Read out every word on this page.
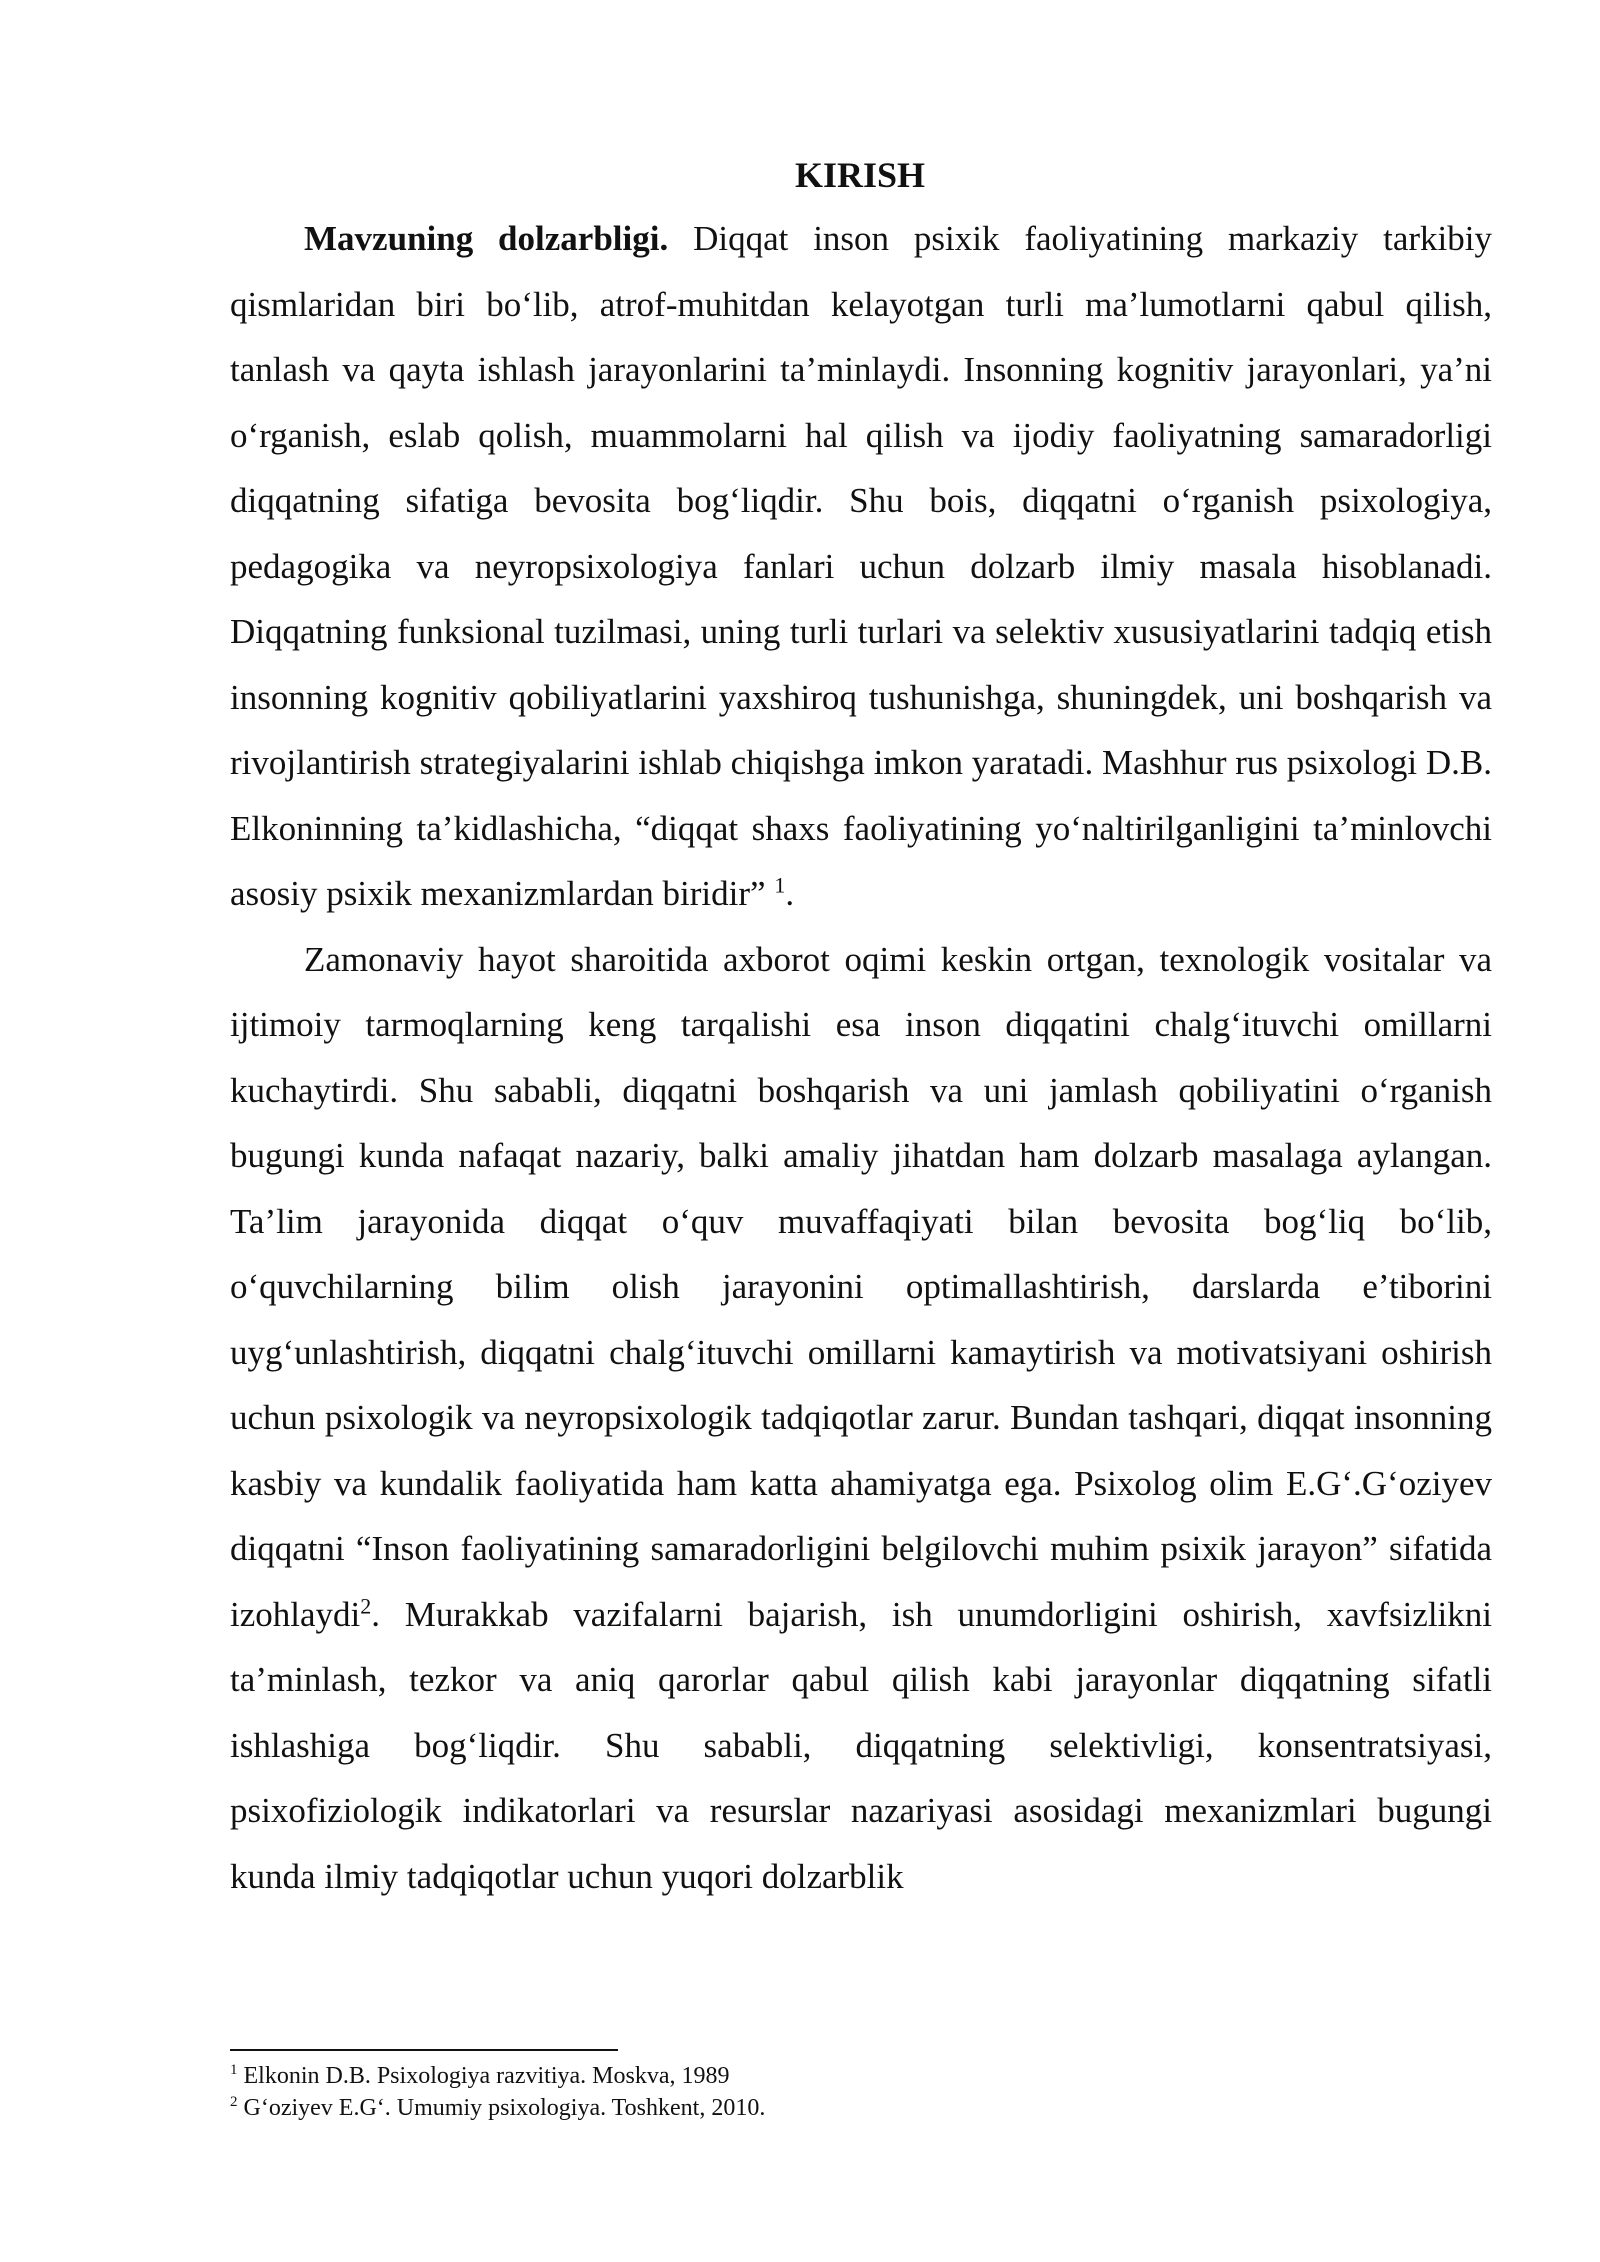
KIRISH

Mavzuning dolzarbligi. Diqqat inson psixik faoliyatining markaziy tarkibiy qismlaridan biri bo‘lib, atrof-muhitdan kelayotgan turli ma’lumotlarni qabul qilish, tanlash va qayta ishlash jarayonlarini ta’minlaydi. Insonning kognitiv jarayonlari, ya’ni o‘rganish, eslab qolish, muammolarni hal qilish va ijodiy faoliyatning samaradorligi diqqatning sifatiga bevosita bog‘liqdir. Shu bois, diqqatni o‘rganish psixologiya, pedagogika va neyropsixologiya fanlari uchun dolzarb ilmiy masala hisoblanadi. Diqqatning funksional tuzilmasi, uning turli turlari va selektiv xususiyatlarini tadqiq etish insonning kognitiv qobiliyatlarini yaxshiroq tushunishga, shuningdek, uni boshqarish va rivojlantirish strategiyalarini ishlab chiqishga imkon yaratadi. Mashhur rus psixologi D.B. Elkoninning ta’kidlashicha, “diqqat shaxs faoliyatining yo‘naltirilganligini ta’minlovchi asosiy psixik mexanizmlardan biridir” $^1$.

Zamonaviy hayot sharoitida axborot oqimi keskin ortgan, texnologik vositalar va ijtimoiy tarmoqlarning keng tarqalishi esa inson diqqatini chalg‘ituvchi omillarni kuchaytirdi. Shu sababli, diqqatni boshqarish va uni jamlash qobiliyatini o‘rganish bugungi kunda nafaqat nazariy, balki amaliy jihatdan ham dolzarb masalaga aylangan. Ta’lim jarayonida diqqat o‘quv muvaffaqiyati bilan bevosita bog‘liq bo‘lib, o‘quvchilarning bilim olish jarayonini optimallashtirish, darslarda e’tiborini uyg‘unlashtirish, diqqatni chalg‘ituvchi omillarni kamaytirish va motivatsiyani oshirish uchun psixologik va neyropsixologik tadqiqotlar zarur. Bundan tashqari, diqqat insonning kasbiy va kundalik faoliyatida ham katta ahamiyatga ega. Psixolog olim E.G‘.G‘oziyev diqqatni “Inson faoliyatining samaradorligini belgilovchi muhim psixik jarayon” sifatida izohlaydi$^2$. Murakkab vazifalarni bajarish, ish unumdorligini oshirish, xavfsizlikni ta’minlash, tezkor va aniq qarorlar qabul qilish kabi jarayonlar diqqatning sifatli ishlashiga bog‘liqdir. Shu sababli, diqqatning selektivligi, konsentratsiyasi, psixofiziologik indikatorlari va resurslar nazariyasi asosidagi mexanizmlari bugungi kunda ilmiy tadqiqotlar uchun yuqori dolzarblik

$^1$ Elkonin D.B. Psixologiya razvitiya. Moskva, 1989

$^2$ G‘oziyev E.G‘. Umumiy psixologiya. Toshkent, 2010.
